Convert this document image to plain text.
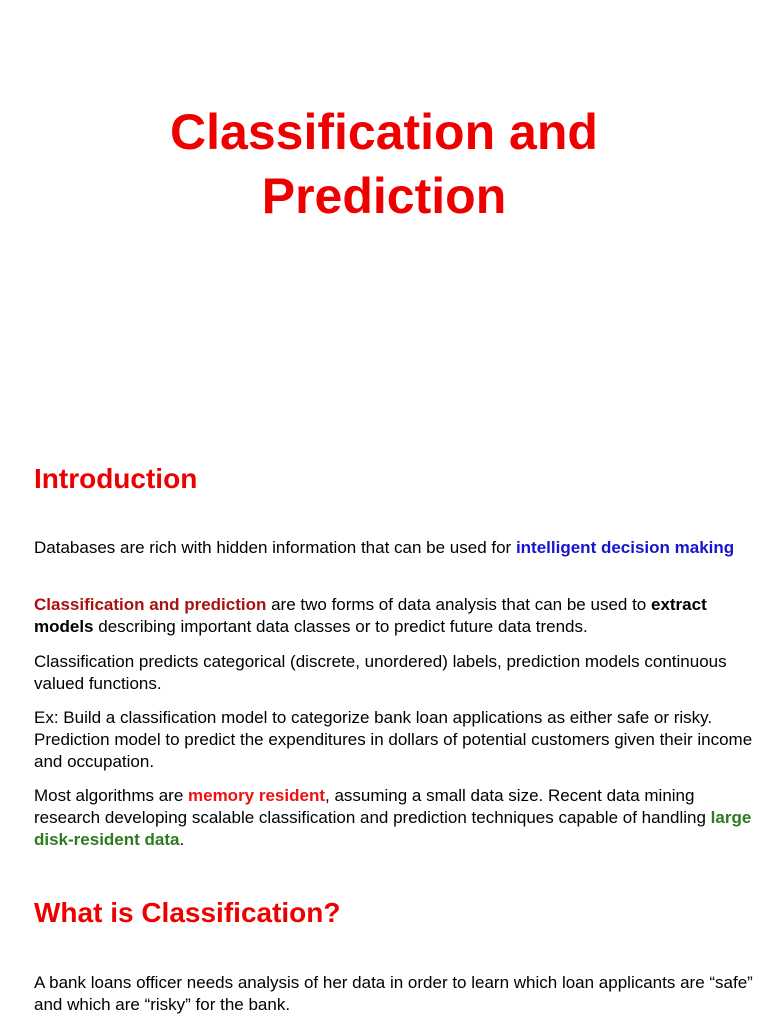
Classification and
Prediction
Introduction

Databases are rich with hidden information that can be used for intelligent decision making

Classification and prediction are two forms of data analysis that can be used to extract models describing important data classes or to predict future data trends.

Classification predicts categorical (discrete, unordered) labels, prediction models continuous valued functions.

Ex: Build a classification model to categorize bank loan applications as either safe or risky. Prediction model to predict the expenditures in dollars of potential customers given their income and occupation.

Most algorithms are memory resident, assuming a small data size. Recent data mining research developing scalable classification and prediction techniques capable of handling large disk-resident data.

What is Classification?

A bank loans officer needs analysis of her data in order to learn which loan applicants are “safe” and which are “risky” for the bank.
